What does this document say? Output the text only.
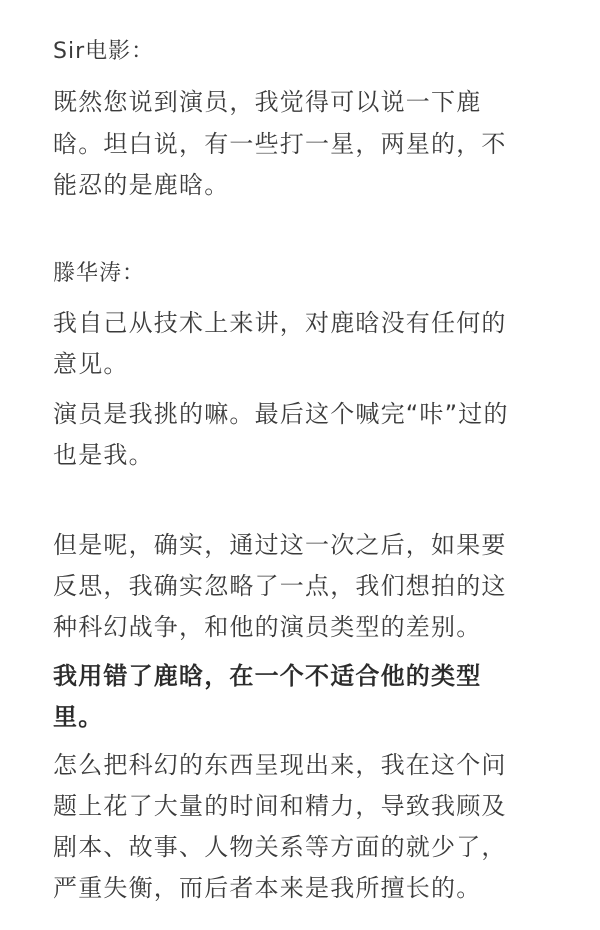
Sir电影：
既然您说到演员，我觉得可以说一下鹿
晗。坦白说，有一些打一星，两星的，不
能忍的是鹿晗。
滕华涛：
我自己从技术上来讲，对鹿晗没有任何的
意见。
演员是我挑的嘛。最后这个喊完“咔”过的
也是我。
但是呢，确实，通过这一次之后，如果要
反思，我确实忽略了一点，我们想拍的这
种科幻战争，和他的演员类型的差别。
我用错了鹿晗，在一个不适合他的类型
里。
怎么把科幻的东西呈现出来，我在这个问
题上花了大量的时间和精力，导致我顾及
剧本、故事、人物关系等方面的就少了，
严重失衡，而后者本来是我所擅长的。
